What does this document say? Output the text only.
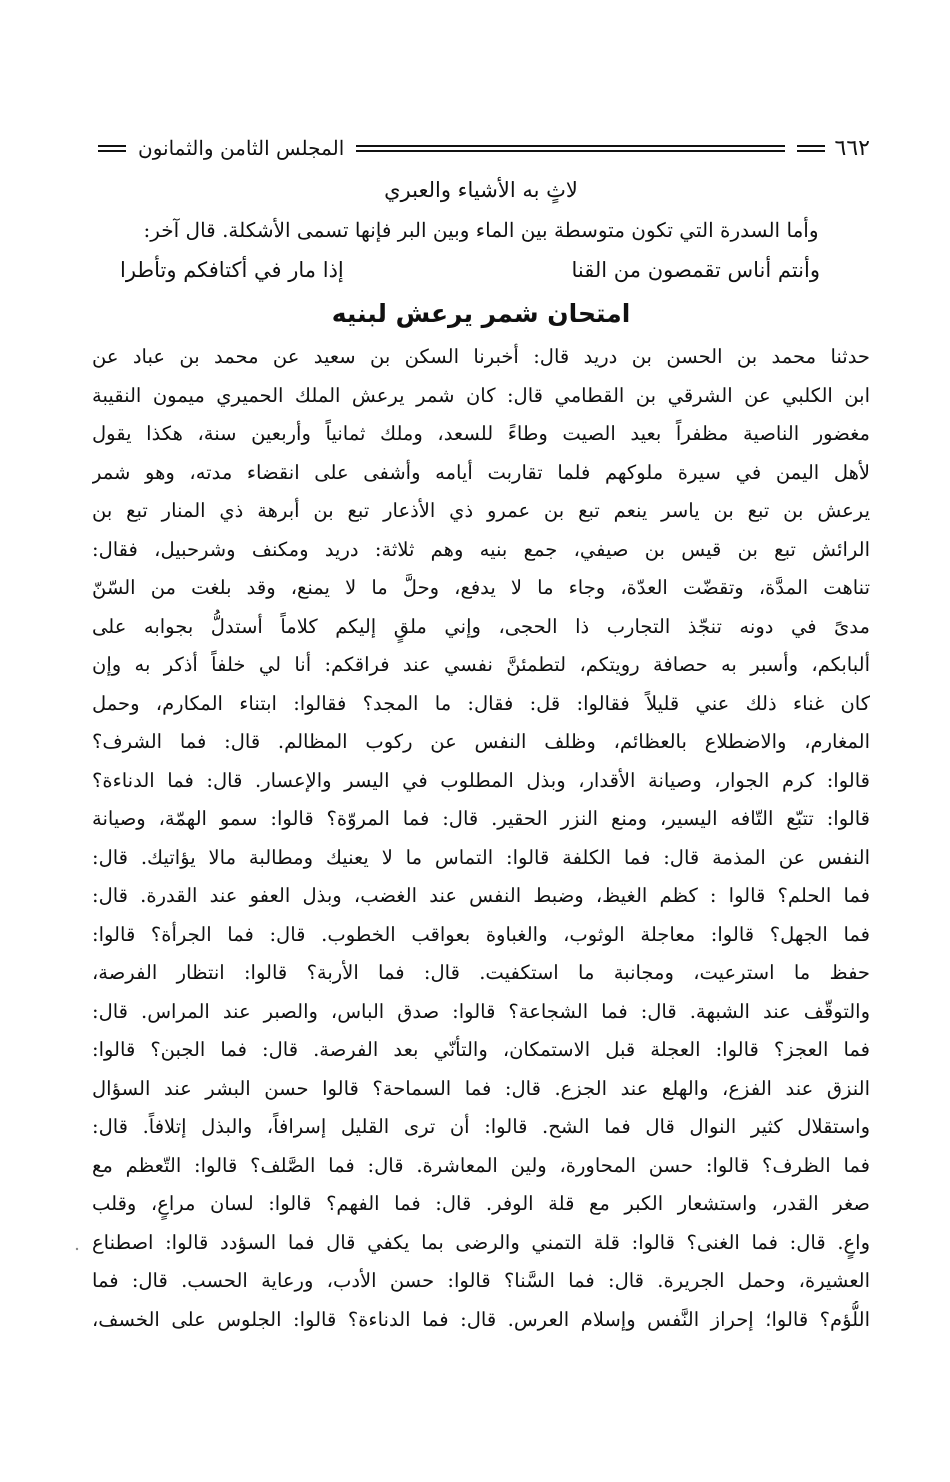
٦٦٢
المجلس الثامن والثمانون
لاثٍ به الأشياء والعبري
وأما السدرة التي تكون متوسطة بين الماء وبين البر فإنها تسمى الأشكلة. قال آخر:
وأنتم أناس تقمصون من القنا
إذا مار في أكتافكم وتأطرا
امتحان شمر يرعش لبنيه
حدثنا محمد بن الحسن بن دريد قال: أخبرنا السكن بن سعيد عن محمد بن عباد عن
ابن الكلبي عن الشرقي بن القطامي قال: كان شمر يرعش الملك الحميري ميمون النقيبة
مغضور الناصية مظفراً بعيد الصيت وطاءً للسعد، وملك ثمانياً وأربعين سنة، هكذا يقول
لأهل اليمن في سيرة ملوكهم فلما تقاربت أيامه وأشفى على انقضاء مدته، وهو شمر
يرعش بن تبع بن ياسر ينعم تبع بن عمرو ذي الأذعار تبع بن أبرهة ذي المنار تبع بن
الرائش تبع بن قيس بن صيفي، جمع بنيه وهم ثلاثة: دريد ومكنف وشرحبيل، فقال:
تناهت المدَّة، وتقضّت العدّة، وجاء ما لا يدفع، وحلَّ ما لا يمنع، وقد بلغت من السّنّ
مدىً في دونه تنجّذ التجارب ذا الحجى، وإني ملقٍ إليكم كلاماً أستدلُّ بجوابه على
ألبابكم، وأسبر به حصافة رويتكم، لتطمئنَّ نفسي عند فراقكم: أنا لي خلفاً أذكر به وإن
كان غناء ذلك عني قليلاً فقالوا: قل: فقال: ما المجد؟ فقالوا: ابتناء المكارم، وحمل
المغارم، والاضطلاع بالعظائم، وظلف النفس عن ركوب المظالم. قال: فما الشرف؟
قالوا: كرم الجوار، وصيانة الأقدار، وبذل المطلوب في اليسر والإعسار. قال: فما الدناءة؟
قالوا: تتبّع التّافه اليسير، ومنع النزر الحقير. قال: فما المروّة؟ قالوا: سمو الهمّة، وصيانة
النفس عن المذمة قال: فما الكلفة قالوا: التماس ما لا يعنيك ومطالبة مالا يؤاتيك. قال:
فما الحلم؟ قالوا : كظم الغيظ، وضبط النفس عند الغضب، وبذل العفو عند القدرة. قال:
فما الجهل؟ قالوا: معاجلة الوثوب، والغباوة بعواقب الخطوب. قال: فما الجرأة؟ قالوا:
حفظ ما استرعيت، ومجانبة ما استكفيت. قال: فما الأربة؟ قالوا: انتظار الفرصة،
والتوقّف عند الشبهة. قال: فما الشجاعة؟ قالوا: صدق الباس، والصبر عند المراس. قال:
فما العجز؟ قالوا: العجلة قبل الاستمكان، والتأنّي بعد الفرصة. قال: فما الجبن؟ قالوا:
النزق عند الفزع، والهلع عند الجزع. قال: فما السماحة؟ قالوا حسن البشر عند السؤال
واستقلال كثير النوال قال فما الشح. قالوا: أن ترى القليل إسرافاً، والبذل إتلافاً. قال:
فما الظرف؟ قالوا: حسن المحاورة، ولين المعاشرة. قال: فما الصَّلف؟ قالوا: التّعظم مع
صغر القدر، واستشعار الكبر مع قلة الوفر. قال: فما الفهم؟ قالوا: لسان مراعٍ، وقلب
واعٍ. قال: فما الغنى؟ قالوا: قلة التمني والرضى بما يكفي قال فما السؤدد قالوا: اصطناع
العشيرة، وحمل الجريرة. قال: فما السَّنا؟ قالوا: حسن الأدب، ورعاية الحسب. قال: فما
اللُّؤم؟ قالوا؛ إحراز النَّفس وإسلام العرس. قال: فما الدناءة؟ قالوا: الجلوس على الخسف،
